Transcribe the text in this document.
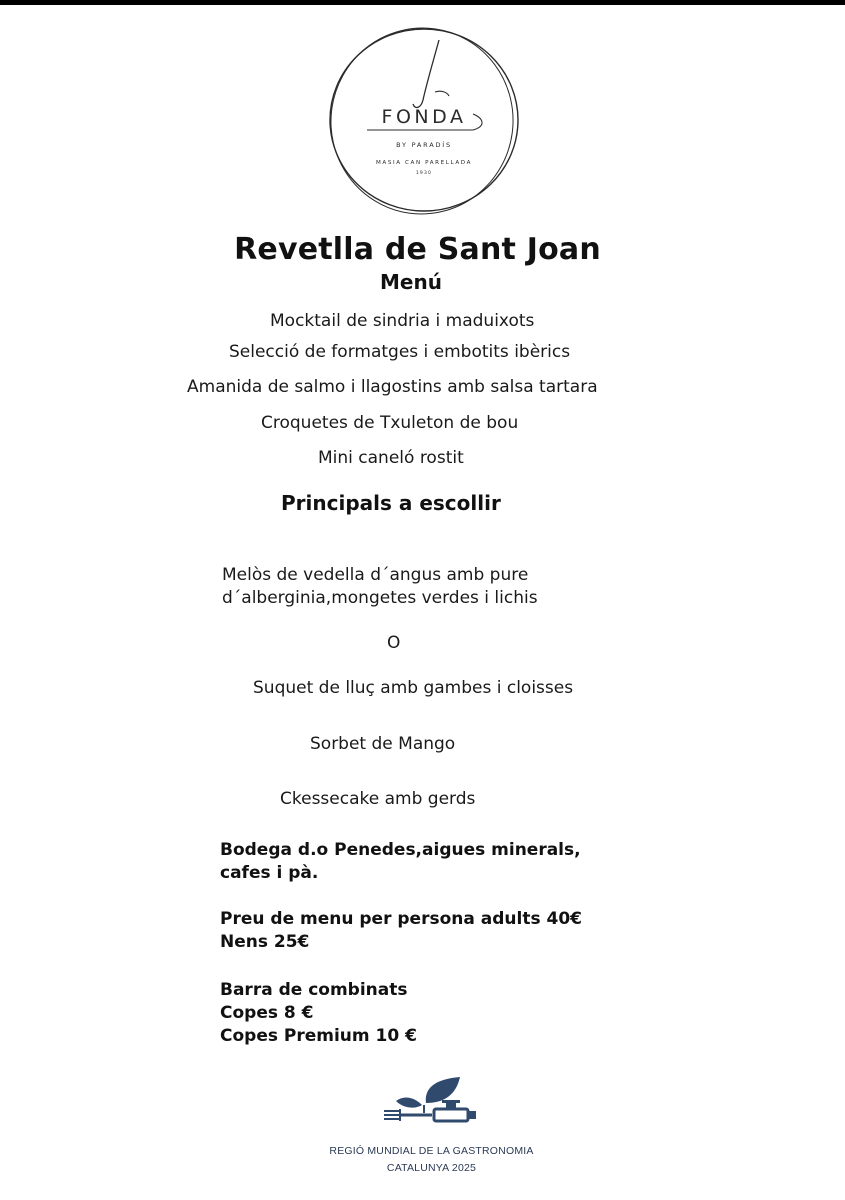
FONDA
BY PARADÍS
MASIA CAN PARELLADA
1930
Revetlla de Sant Joan
Menú
Mocktail de sindria i maduixots
Selecció de formatges i embotits ibèrics
Amanida de salmo i llagostins amb salsa tartara
Croquetes de Txuleton de bou
Mini caneló rostit
Principals a escollir
Melòs de vedella d´angus amb pure
d´alberginia,mongetes verdes i lichis
O
Suquet de lluç amb gambes i cloisses
Sorbet de Mango
Ckessecake amb gerds
Bodega d.o Penedes,aigues minerals,
cafes i pà.
Preu de menu per persona adults 40€
Nens 25€
Barra de combinats
Copes 8 €
Copes Premium 10 €
REGIÓ MUNDIAL DE LA GASTRONOMIA
CATALUNYA 2025
